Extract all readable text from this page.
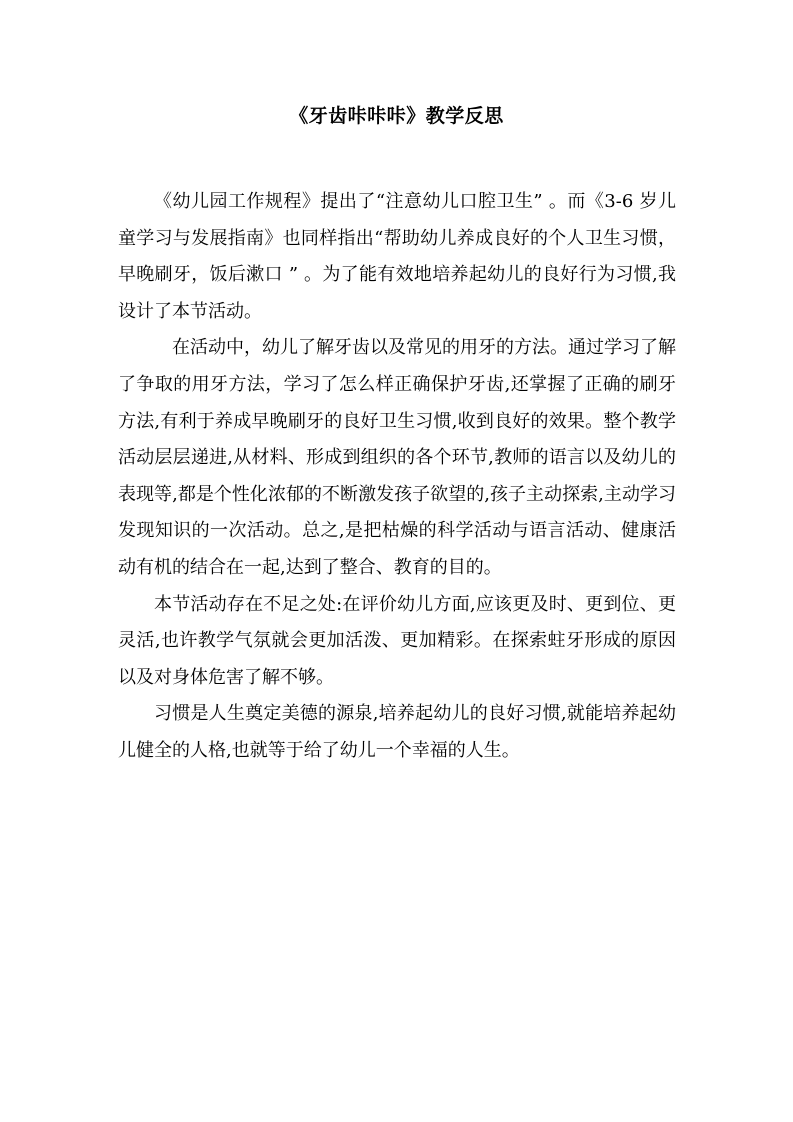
《牙齿咔咔咔》教学反思

《幼儿园工作规程》提出了“注意幼儿口腔卫生” 。而《3-6 岁儿童学习与发展指南》也同样指出“帮助幼儿养成良好的个人卫生习惯，早晚刷牙，饭后漱口 ” 。为了能有效地培养起幼儿的良好行为习惯,我设计了本节活动。

在活动中，幼儿了解牙齿以及常见的用牙的方法。通过学习了解了争取的用牙方法，学习了怎么样正确保护牙齿,还掌握了正确的刷牙方法,有利于养成早晚刷牙的良好卫生习惯,收到良好的效果。整个教学活动层层递进,从材料、形成到组织的各个环节,教师的语言以及幼儿的表现等,都是个性化浓郁的不断激发孩子欲望的,孩子主动探索,主动学习发现知识的一次活动。总之,是把枯燥的科学活动与语言活动、健康活动有机的结合在一起,达到了整合、教育的目的。

本节活动存在不足之处:在评价幼儿方面,应该更及时、更到位、更灵活,也许教学气氛就会更加活泼、更加精彩。在探索蛀牙形成的原因以及对身体危害了解不够。

习惯是人生奠定美德的源泉,培养起幼儿的良好习惯,就能培养起幼儿健全的人格,也就等于给了幼儿一个幸福的人生。
